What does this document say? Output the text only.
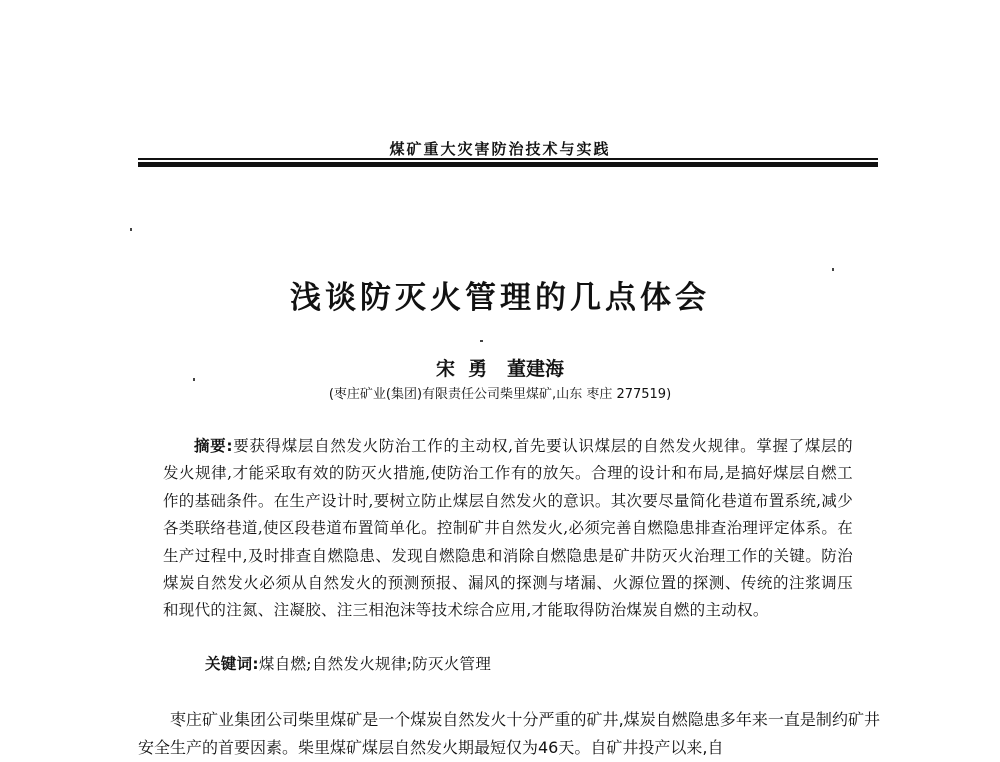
煤矿重大灾害防治技术与实践
浅谈防灭火管理的几点体会
宋  勇   董建海
(枣庄矿业(集团)有限责任公司柴里煤矿,山东 枣庄 277519)

摘要:要获得煤层自然发火防治工作的主动权,首先要认识煤层的自然发火规律。掌握了煤层的发火规律,才能采取有效的防灭火措施,使防治工作有的放矢。合理的设计和布局,是搞好煤层自燃工作的基础条件。在生产设计时,要树立防止煤层自然发火的意识。其次要尽量简化巷道布置系统,减少各类联络巷道,使区段巷道布置简单化。控制矿井自然发火,必须完善自燃隐患排查治理评定体系。在生产过程中,及时排查自燃隐患、发现自燃隐患和消除自燃隐患是矿井防灭火治理工作的关键。防治煤炭自然发火必须从自然发火的预测预报、漏风的探测与堵漏、火源位置的探测、传统的注浆调压和现代的注氮、注凝胶、注三相泡沫等技术综合应用,才能取得防治煤炭自燃的主动权。

关键词:煤自燃;自然发火规律;防灭火管理

枣庄矿业集团公司柴里煤矿是一个煤炭自然发火十分严重的矿井,煤炭自燃隐患多年来一直是制约矿井安全生产的首要因素。柴里煤矿煤层自然发火期最短仅为46天。自矿井投产以来,自
